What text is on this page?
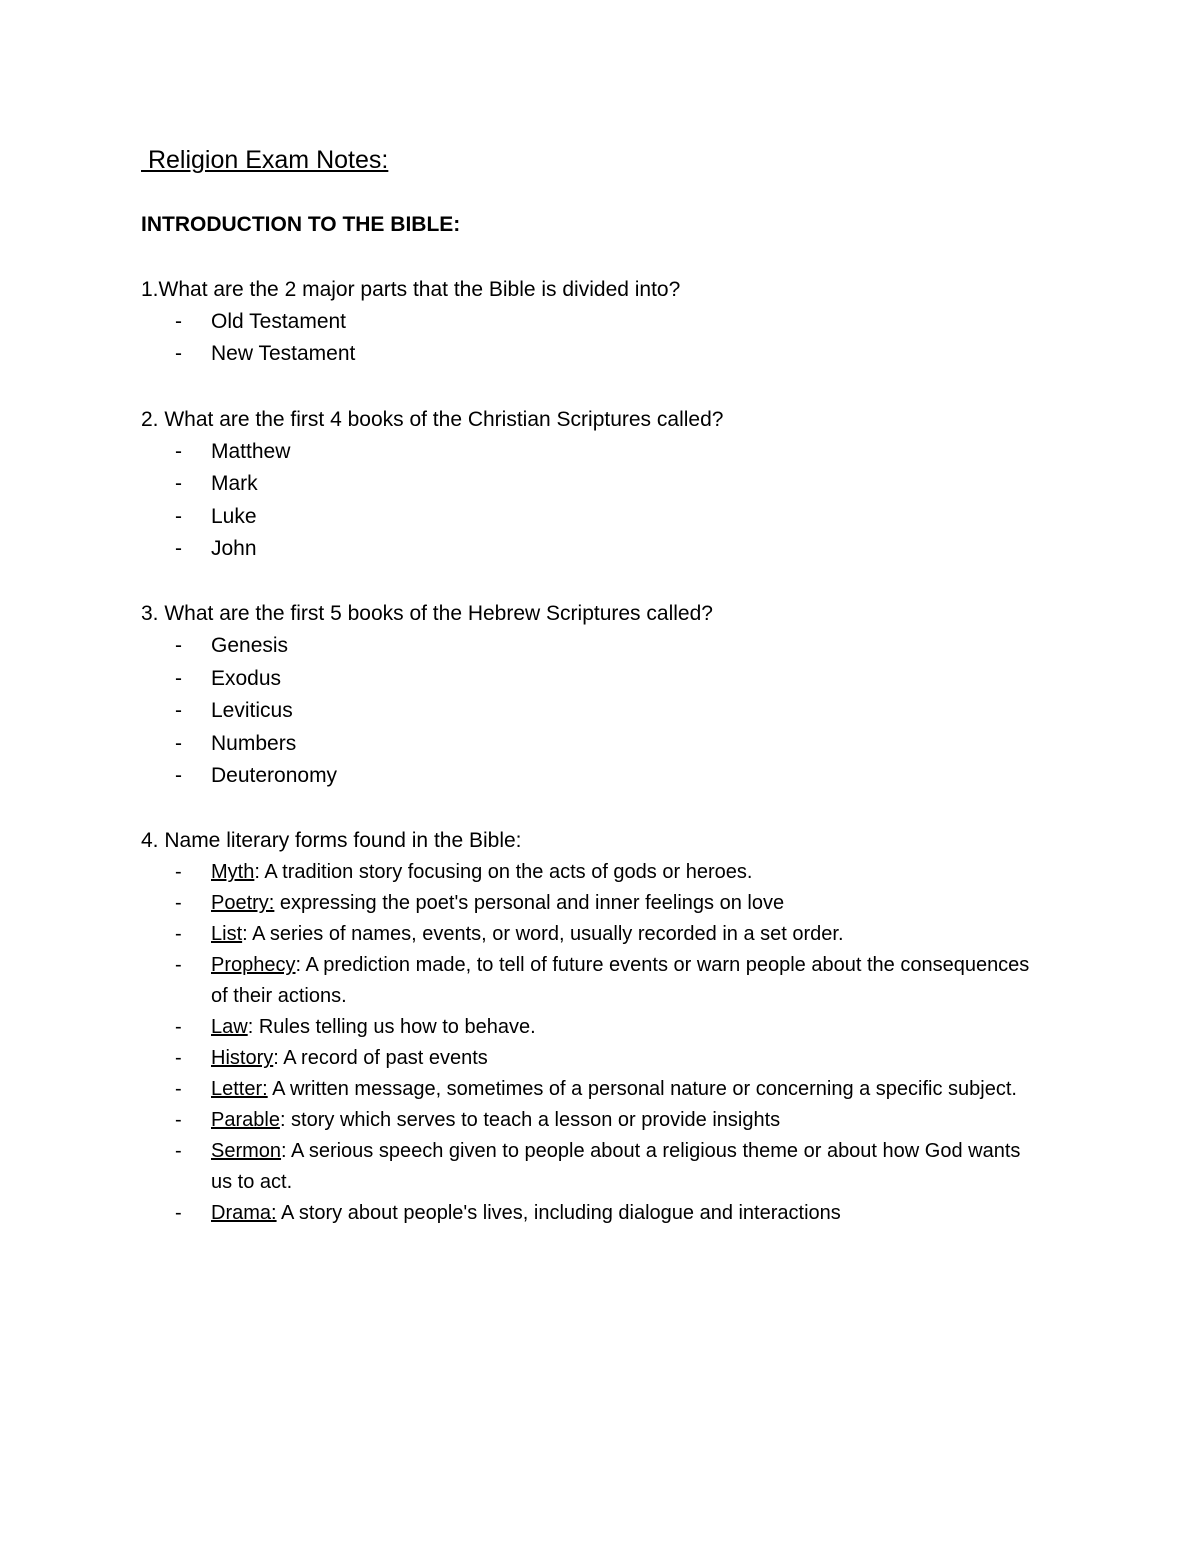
Religion Exam Notes:
INTRODUCTION TO THE BIBLE:
1.What are the 2 major parts that the Bible is divided into?
- Old Testament
- New Testament
2. What are the first 4 books of the Christian Scriptures called?
- Matthew
- Mark
- Luke
- John
3. What are the first 5 books of the Hebrew Scriptures called?
- Genesis
- Exodus
- Leviticus
- Numbers
- Deuteronomy
4. Name literary forms found in the Bible:
- Myth: A tradition story focusing on the acts of gods or heroes.
- Poetry: expressing the poet's personal and inner feelings on love
- List: A series of names, events, or word, usually recorded in a set order.
- Prophecy: A prediction made, to tell of future events or warn people about the consequences of their actions.
- Law: Rules telling us how to behave.
- History: A record of past events
- Letter: A written message, sometimes of a personal nature or concerning a specific subject.
- Parable: story which serves to teach a lesson or provide insights
- Sermon: A serious speech given to people about a religious theme or about how God wants us to act.
- Drama: A story about people's lives, including dialogue and interactions
